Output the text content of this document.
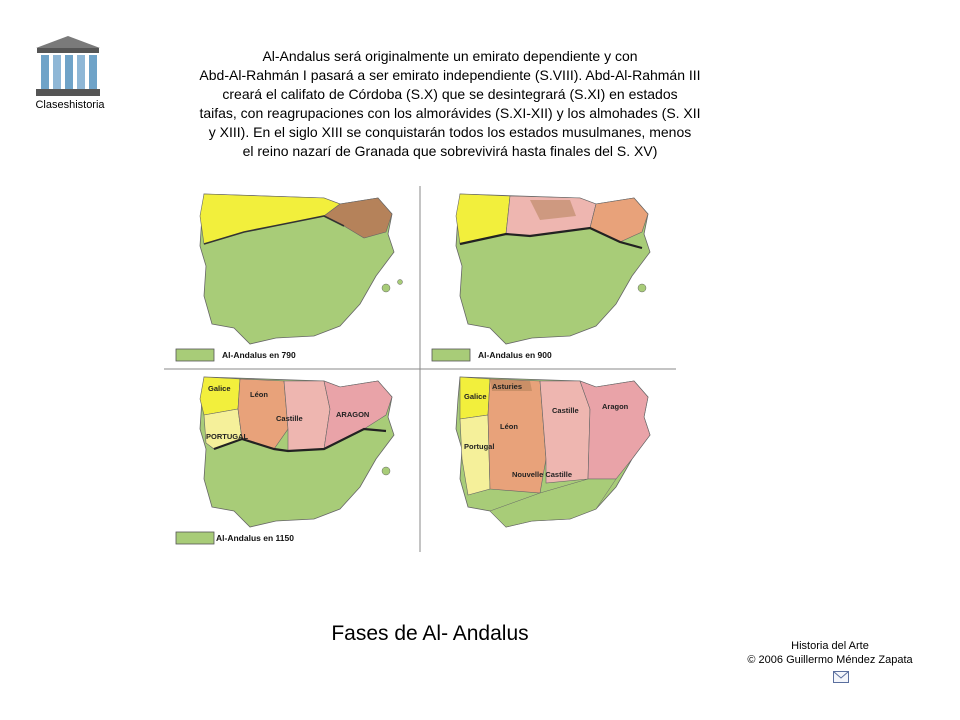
Claseshistoria
Al-Andalus será originalmente un emirato dependiente y con
Abd-Al-Rahmán I pasará a ser emirato independiente (S.VIII). Abd-Al-Rahmán III
creará el califato de Córdoba (S.X) que se desintegrará (S.XI) en estados
taifas, con reagrupaciones con los almorávides (S.XI-XII) y los almohades (S. XII
y XIII). En el siglo XIII se conquistarán todos los estados musulmanes, menos
el reino nazarí de Granada que sobrevivirá hasta finales del S. XV)
Al-Andalus en 790	Al-Andalus en 900
Galice
Léon
Castille	ARAGON
PORTUGAL
Al-Andalus en 1150
Asturies
Galice
Castille
Léon
Portugal
Aragon
Nouvelle Castille
Fases de Al- Andalus
Historia del Arte
© 2006 Guillermo Méndez Zapata
